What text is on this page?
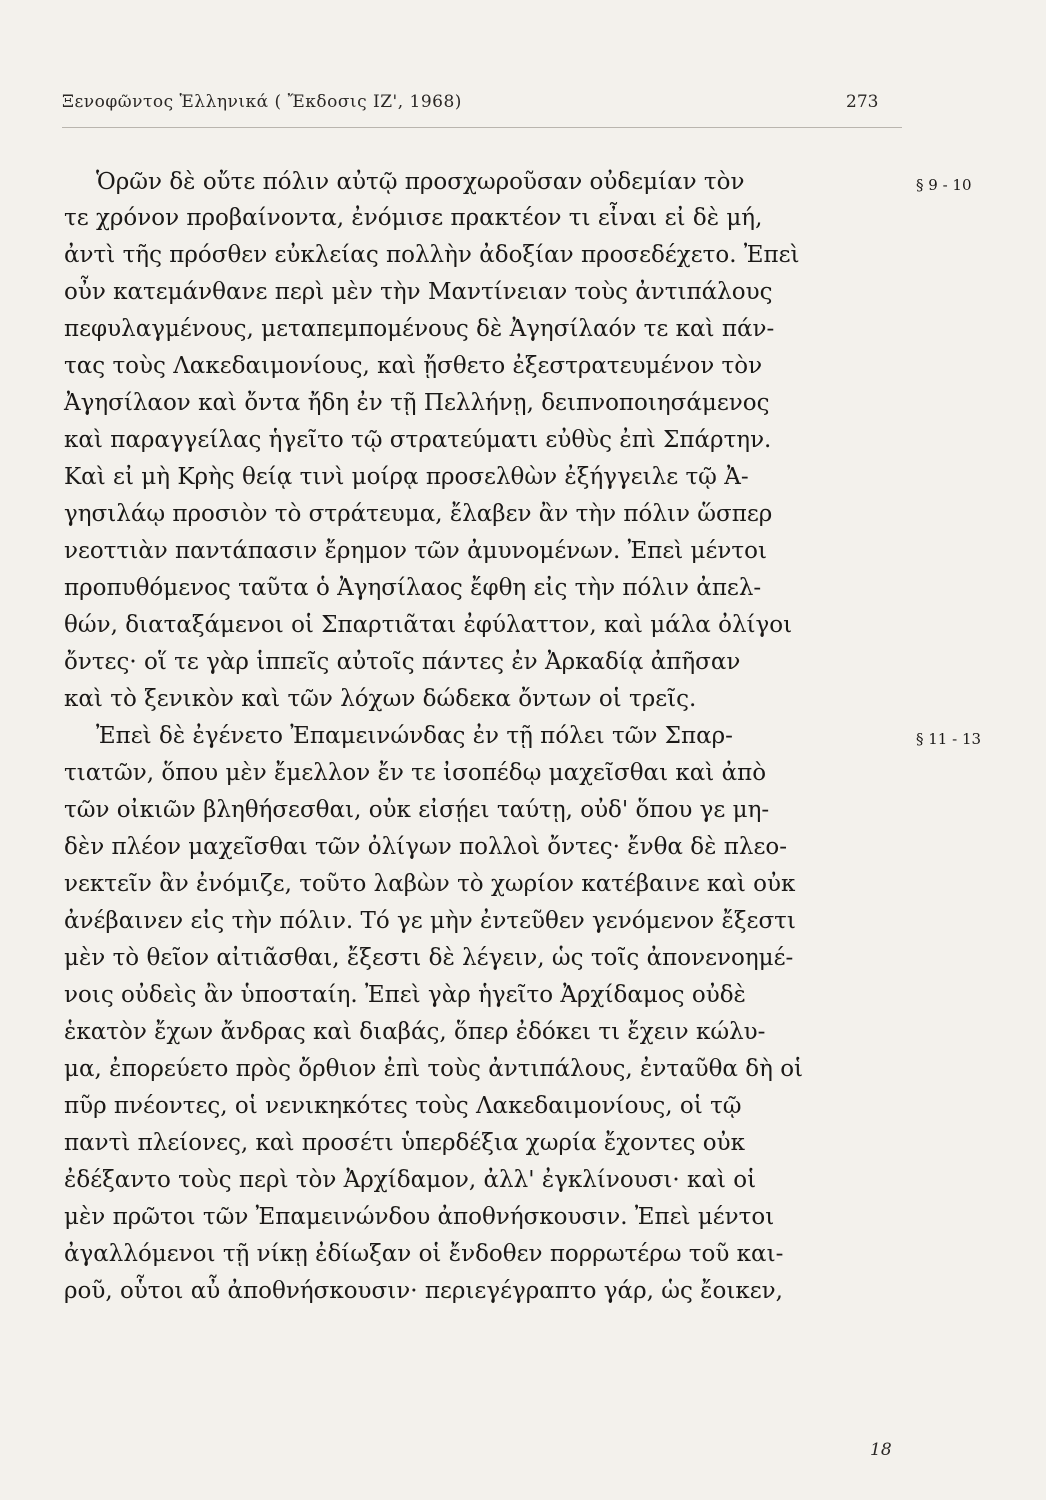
Ξενοφῶντος Ἑλληνικά ( Ἔκδοσις ΙΖ', 1968)	273
Ὁρῶν δὲ οὔτε πόλιν αὐτῷ προσχωροῦσαν οὐδεμίαν τὸν
τε χρόνον προβαίνοντα, ἐνόμισε πρακτέον τι εἶναι εἰ δὲ μή,
ἀντὶ τῆς πρόσθεν εὐκλείας πολλὴν ἀδοξίαν προσεδέχετο. Ἐπεὶ
οὖν κατεμάνθανε περὶ μὲν τὴν Μαντίνειαν τοὺς ἀντιπάλους
πεφυλαγμένους, μεταπεμπομένους δὲ Ἀγησίλαόν τε καὶ πάν-
τας τοὺς Λακεδαιμονίους, καὶ ᾔσθετο ἐξεστρατευμένον τὸν
Ἀγησίλαον καὶ ὄντα ἤδη ἐν τῇ Πελλήνῃ, δειπνοποιησάμενος
καὶ παραγγείλας ἡγεῖτο τῷ στρατεύματι εὐθὺς ἐπὶ Σπάρτην.
Καὶ εἰ μὴ Κρὴς θείᾳ τινὶ μοίρᾳ προσελθὼν ἐξήγγειλε τῷ Ἀ-
γησιλάῳ προσιὸν τὸ στράτευμα, ἔλαβεν ἂν τὴν πόλιν ὥσπερ
νεοττιὰν παντάπασιν ἔρημον τῶν ἀμυνομένων. Ἐπεὶ μέντοι
προπυθόμενος ταῦτα ὁ Ἀγησίλαος ἔφθη εἰς τὴν πόλιν ἀπελ-
θών, διαταξάμενοι οἱ Σπαρτιᾶται ἐφύλαττον, καὶ μάλα ὀλίγοι
ὄντες· οἵ τε γὰρ ἱππεῖς αὐτοῖς πάντες ἐν Ἀρκαδίᾳ ἀπῆσαν
καὶ τὸ ξενικὸν καὶ τῶν λόχων δώδεκα ὄντων οἱ τρεῖς.
Ἐπεὶ δὲ ἐγένετο Ἐπαμεινώνδας ἐν τῇ πόλει τῶν Σπαρ-
τιατῶν, ὅπου μὲν ἔμελλον ἔν τε ἰσοπέδῳ μαχεῖσθαι καὶ ἀπὸ
τῶν οἰκιῶν βληθήσεσθαι, οὐκ εἰσῄει ταύτῃ, οὐδ' ὅπου γε μη-
δὲν πλέον μαχεῖσθαι τῶν ὀλίγων πολλοὶ ὄντες· ἔνθα δὲ πλεο-
νεκτεῖν ἂν ἐνόμιζε, τοῦτο λαβὼν τὸ χωρίον κατέβαινε καὶ οὐκ
ἀνέβαινεν εἰς τὴν πόλιν. Τό γε μὴν ἐντεῦθεν γενόμενον ἔξεστι
μὲν τὸ θεῖον αἰτιᾶσθαι, ἔξεστι δὲ λέγειν, ὡς τοῖς ἀπονενοημέ-
νοις οὐδεὶς ἂν ὑποσταίη. Ἐπεὶ γὰρ ἡγεῖτο Ἀρχίδαμος οὐδὲ
ἑκατὸν ἔχων ἄνδρας καὶ διαβάς, ὅπερ ἐδόκει τι ἔχειν κώλυ-
μα, ἐπορεύετο πρὸς ὄρθιον ἐπὶ τοὺς ἀντιπάλους, ἐνταῦθα δὴ οἱ
πῦρ πνέοντες, οἱ νενικηκότες τοὺς Λακεδαιμονίους, οἱ τῷ
παντὶ πλείονες, καὶ προσέτι ὑπερδέξια χωρία ἔχοντες οὐκ
ἐδέξαντο τοὺς περὶ τὸν Ἀρχίδαμον, ἀλλ' ἐγκλίνουσι· καὶ οἱ
μὲν πρῶτοι τῶν Ἐπαμεινώνδου ἀποθνήσκουσιν. Ἐπεὶ μέντοι
ἀγαλλόμενοι τῇ νίκῃ ἐδίωξαν οἱ ἔνδοθεν πορρωτέρω τοῦ και-
ροῦ, οὗτοι αὖ ἀποθνήσκουσιν· περιεγέγραπτο γάρ, ὡς ἔοικεν,
§ 9 - 10
§ 11 - 13
18
